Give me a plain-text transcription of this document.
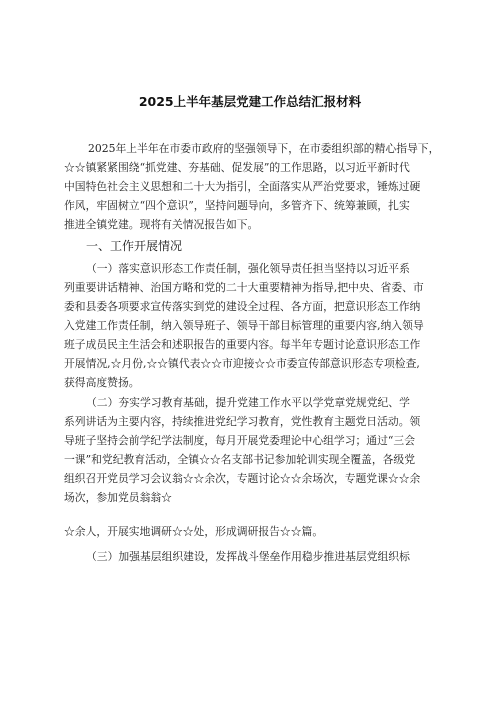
2025上半年基层党建工作总结汇报材料
2025年上半年在市委市政府的坚强领导下，在市委组织部的精心指导下，
☆☆镇紧紧围绕“抓党建、夯基础、促发展”的工作思路，以习近平新时代
中国特色社会主义思想和二十大为指引，全面落实从严治党要求，锤炼过硬
作风，牢固树立“四个意识”，坚持问题导向，多管齐下、统筹兼顾，扎实
推进全镇党建。现将有关情况报告如下。
一、工作开展情况
（一）落实意识形态工作责任制，强化领导责任担当坚持以习近平系
列重要讲话精神、治国方略和党的二十大重要精神为指导,把中央、省委、市
委和县委各项要求宣传落实到党的建设全过程、各方面，把意识形态工作纳
入党建工作责任制，纳入领导班子、领导干部目标管理的重要内容,纳入领导
班子成员民主生活会和述职报告的重要内容。每半年专题讨论意识形态工作
开展情况,☆月份,☆☆镇代表☆☆市迎接☆☆市委宣传部意识形态专项检查,
获得高度赞扬。
（二）夯实学习教育基础，提升党建工作水平以学党章党规党纪、学
系列讲话为主要内容，持续推进党纪学习教育，党性教育主题党日活动。领
导班子坚持会前学纪学法制度，每月开展党委理论中心组学习；通过“三会
一课”和党纪教育活动，全镇☆☆名支部书记参加轮训实现全覆盖，各级党
组织召开党员学习会议翁☆☆余次，专题讨论☆☆余场次，专题党课☆☆余
场次，参加党员翁翁☆
☆余人，开展实地调研☆☆处，形成调研报告☆☆篇。
（三）加强基层组织建设，发挥战斗堡垒作用稳步推进基层党组织标
